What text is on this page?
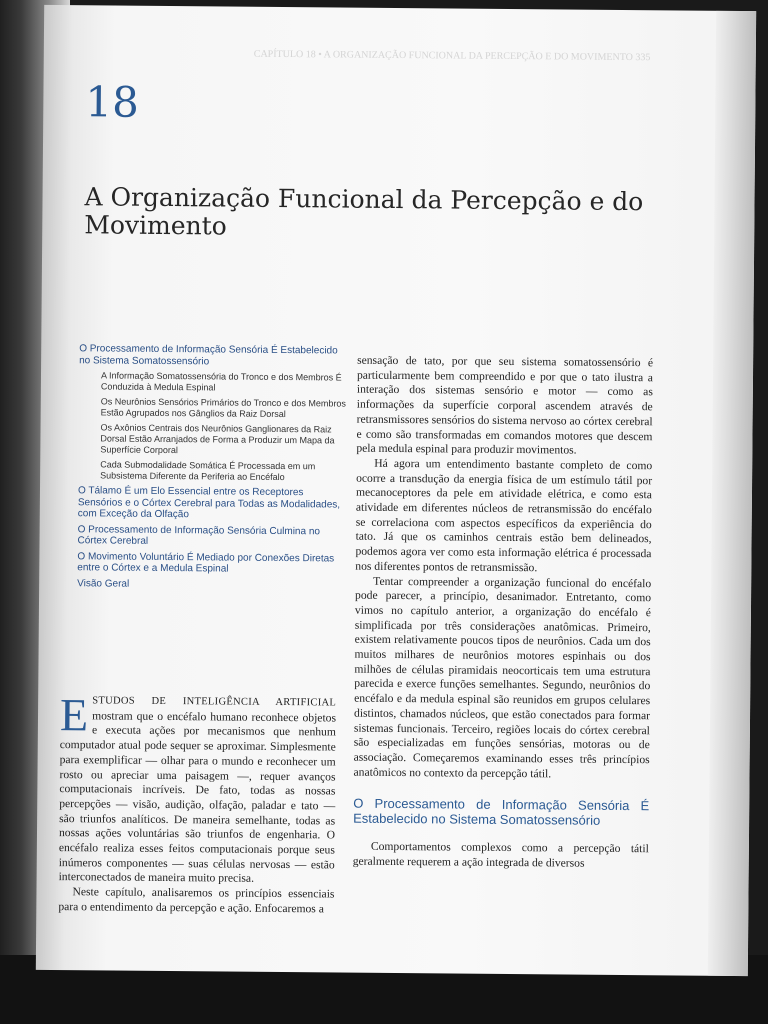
CAPÍTULO 18 • A ORGANIZAÇÃO FUNCIONAL DA PERCEPÇÃO E DO MOVIMENTO 335
18
A Organização Funcional da Percepção e do Movimento
O Processamento de Informação Sensória É Estabelecido no Sistema Somatossensório
A Informação Somatossensória do Tronco e dos Membros É Conduzida à Medula Espinal
Os Neurônios Sensórios Primários do Tronco e dos Membros Estão Agrupados nos Gânglios da Raiz Dorsal
Os Axônios Centrais dos Neurônios Ganglionares da Raiz Dorsal Estão Arranjados de Forma a Produzir um Mapa da Superfície Corporal
Cada Submodalidade Somática É Processada em um Subsistema Diferente da Periferia ao Encéfalo
O Tálamo É um Elo Essencial entre os Receptores Sensórios e o Córtex Cerebral para Todas as Modalidades, com Exceção da Olfação
O Processamento de Informação Sensória Culmina no Córtex Cerebral
O Movimento Voluntário É Mediado por Conexões Diretas entre o Córtex e a Medula Espinal
Visão Geral

ESTUDOS DE INTELIGÊNCIA ARTIFICIAL mostram que o encéfalo humano reconhece objetos e executa ações por mecanismos que nenhum computador atual pode sequer se aproximar. Simplesmente para exemplificar — olhar para o mundo e reconhecer um rosto ou apreciar uma paisagem —, requer avanços computacionais incríveis. De fato, todas as nossas percepções — visão, audição, olfação, paladar e tato — são triunfos analíticos. De maneira semelhante, todas as nossas ações voluntárias são triunfos de engenharia. O encéfalo realiza esses feitos computacionais porque seus inúmeros componentes — suas células nervosas — estão interconectados de maneira muito precisa.

Neste capítulo, analisaremos os princípios essenciais para o entendimento da percepção e ação. Enfocaremos a

sensação de tato, por que seu sistema somatossensório é particularmente bem compreendido e por que o tato ilustra a interação dos sistemas sensório e motor — como as informações da superfície corporal ascendem através de retransmissores sensórios do sistema nervoso ao córtex cerebral e como são transformadas em comandos motores que descem pela medula espinal para produzir movimentos.

Há agora um entendimento bastante completo de como ocorre a transdução da energia física de um estímulo tátil por mecanoceptores da pele em atividade elétrica, e como esta atividade em diferentes núcleos de retransmissão do encéfalo se correlaciona com aspectos específicos da experiência do tato. Já que os caminhos centrais estão bem delineados, podemos agora ver como esta informação elétrica é processada nos diferentes pontos de retransmissão.

Tentar compreender a organização funcional do encéfalo pode parecer, a princípio, desanimador. Entretanto, como vimos no capítulo anterior, a organização do encéfalo é simplificada por três considerações anatômicas. Primeiro, existem relativamente poucos tipos de neurônios. Cada um dos muitos milhares de neurônios motores espinhais ou dos milhões de células piramidais neocorticais tem uma estrutura parecida e exerce funções semelhantes. Segundo, neurônios do encéfalo e da medula espinal são reunidos em grupos celulares distintos, chamados núcleos, que estão conectados para formar sistemas funcionais. Terceiro, regiões locais do córtex cerebral são especializadas em funções sensórias, motoras ou de associação. Começaremos examinando esses três princípios anatômicos no contexto da percepção tátil.

O Processamento de Informação Sensória É Estabelecido no Sistema Somatossensório

Comportamentos complexos como a percepção tátil geralmente requerem a ação integrada de diversos
